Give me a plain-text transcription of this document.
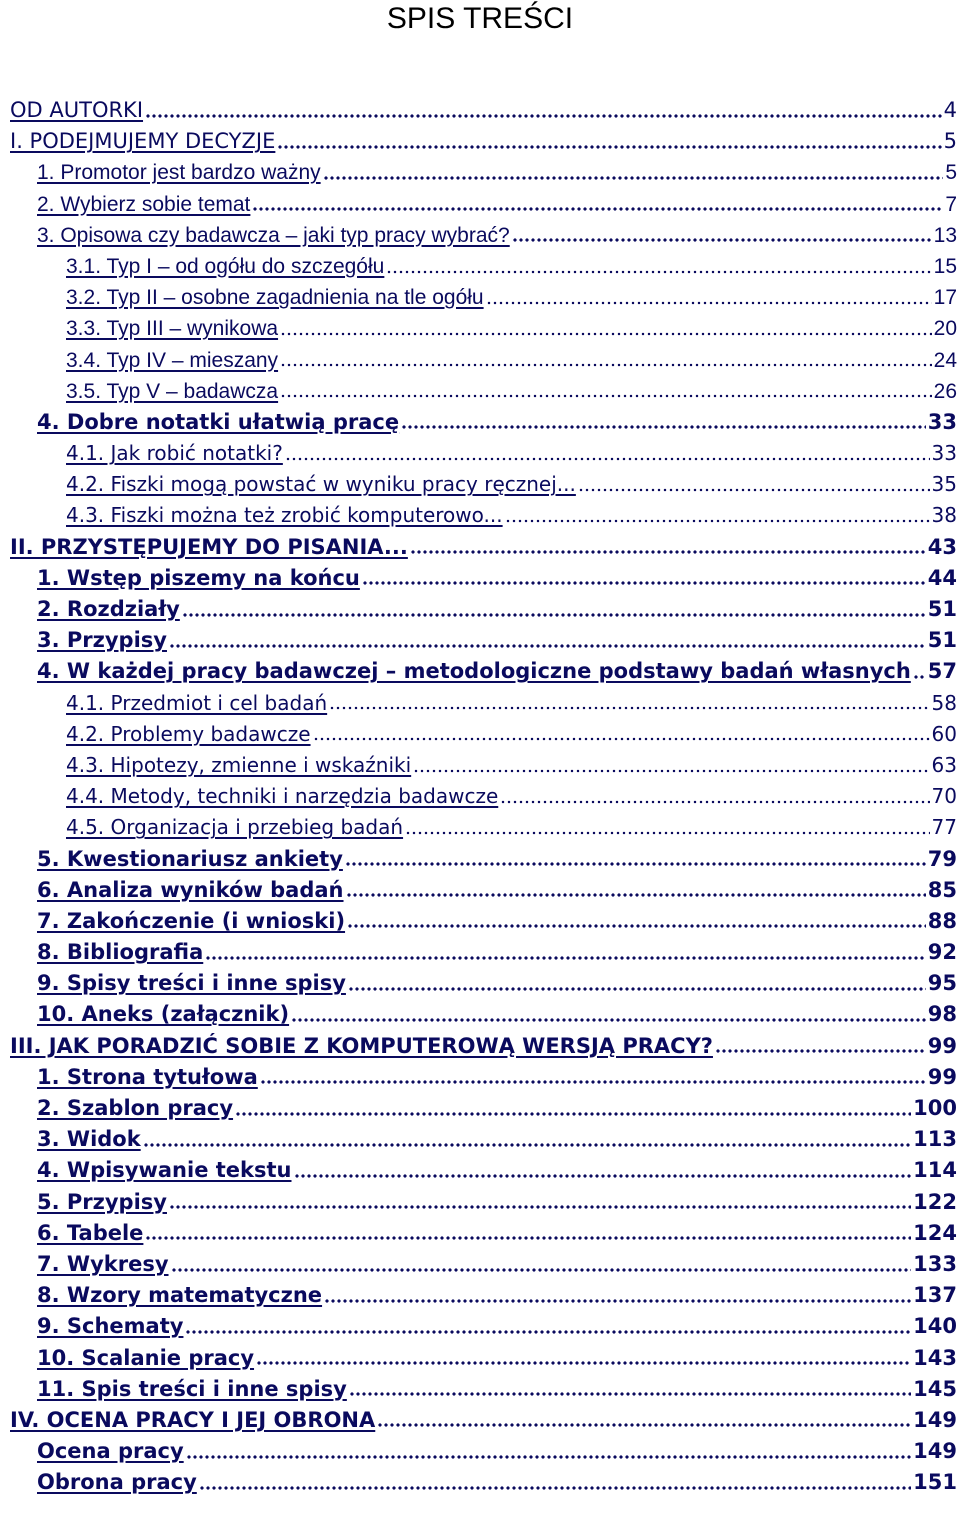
SPIS TREŚCI
OD AUTORKI	4
I. PODEJMUJEMY DECYZJE	5
1. Promotor jest bardzo ważny	5
2. Wybierz sobie temat	7
3. Opisowa czy badawcza – jaki typ pracy wybrać?	13
3.1. Typ I – od ogółu do szczegółu	15
3.2. Typ II – osobne zagadnienia na tle ogółu	17
3.3. Typ III – wynikowa	20
3.4. Typ IV – mieszany	24
3.5. Typ V – badawcza	26
4. Dobre notatki ułatwią pracę	33
4.1. Jak robić notatki?	33
4.2. Fiszki mogą powstać w wyniku pracy ręcznej...	35
4.3. Fiszki można też zrobić komputerowo...	38
II. PRZYSTĘPUJEMY DO PISANIA...	43
1. Wstęp piszemy na końcu	44
2. Rozdziały	51
3. Przypisy	51
4. W każdej pracy badawczej – metodologiczne podstawy badań własnych 57
4.1. Przedmiot i cel badań	58
4.2. Problemy badawcze	60
4.3. Hipotezy, zmienne i wskaźniki	63
4.4. Metody, techniki i narzędzia badawcze	70
4.5. Organizacja i przebieg badań	77
5. Kwestionariusz ankiety	79
6. Analiza wyników badań	85
7. Zakończenie (i wnioski)	88
8. Bibliografia	92
9. Spisy treści i inne spisy	95
10. Aneks (załącznik)	98
III. JAK PORADZIĆ SOBIE Z KOMPUTEROWĄ WERSJĄ PRACY?	99
1. Strona tytułowa	99
2. Szablon pracy	100
3. Widok	113
4. Wpisywanie tekstu	114
5. Przypisy	122
6. Tabele	124
7. Wykresy	133
8. Wzory matematyczne	137
9. Schematy	140
10. Scalanie pracy	143
11. Spis treści i inne spisy	145
IV. OCENA PRACY I JEJ OBRONA	149
Ocena pracy	149
Obrona pracy	151
